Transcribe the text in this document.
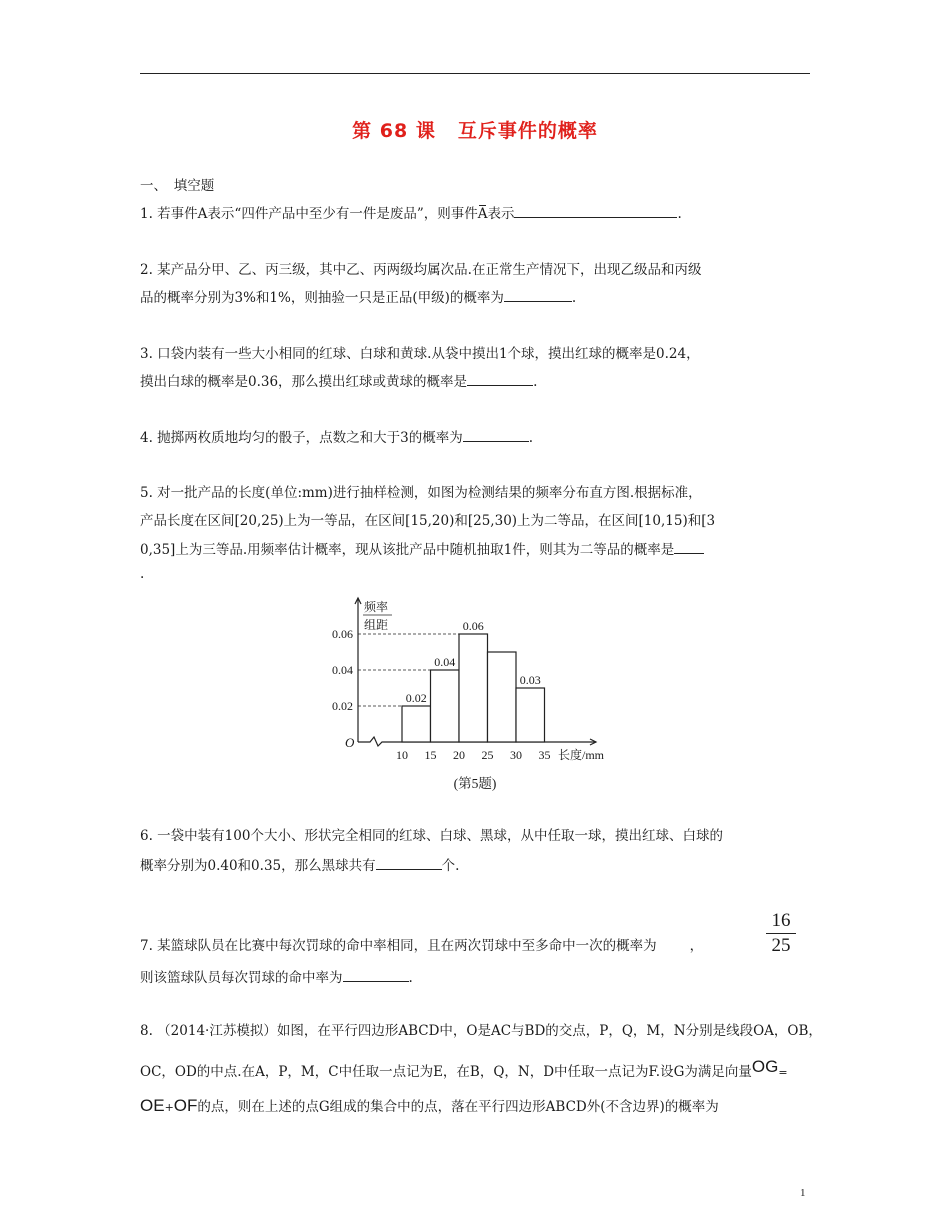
第 68 课 互斥事件的概率
一、　填空题
1. 若事件A表示“四件产品中至少有一件是废品”，则事件A表示	.
2. 某产品分甲、乙、丙三级，其中乙、丙两级均属次品.在正常生产情况下，出现乙级品和丙级
品的概率分别为3%和1%，则抽验一只是正品(甲级)的概率为	.
3. 口袋内装有一些大小相同的红球、白球和黄球.从袋中摸出1个球，摸出红球的概率是0.24，
摸出白球的概率是0.36，那么摸出红球或黄球的概率是	.
4. 抛掷两枚质地均匀的骰子，点数之和大于3的概率为	.
5. 对一批产品的长度(单位:mm)进行抽样检测，如图为检测结果的频率分布直方图.根据标准，
产品长度在区间[20,25)上为一等品，在区间[15,20)和[25,30)上为二等品，在区间[10,15)和[3
0,35]上为三等品.用频率估计概率，现从该批产品中随机抽取1件，则其为二等品的概率是
.
频率
组距
O
0.02
0.04
0.06
0.02
0.04
0.06
0.03
10 15 20 25 30 35 长度/mm
(第5题)
6. 一袋中装有100个大小、形状完全相同的红球、白球、黑球，从中任取一球，摸出红球、白球的
概率分别为0.40和0.35，那么黑球共有	个.
16
25
7. 某篮球队员在比赛中每次罚球的命中率相同，且在两次罚球中至多命中一次的概率为 ，
则该篮球队员每次罚球的命中率为	.
8. （2014·江苏模拟）如图，在平行四边形ABCD中，O是AC与BD的交点，P，Q，M，N分别是线段OA，OB，
OC，OD的中点.在A，P，M，C中任取一点记为E，在B，Q，N，D中任取一点记为F.设G为满足向量OG=
OE+OF的点，则在上述的点G组成的集合中的点，落在平行四边形ABCD外(不含边界)的概率为
1
